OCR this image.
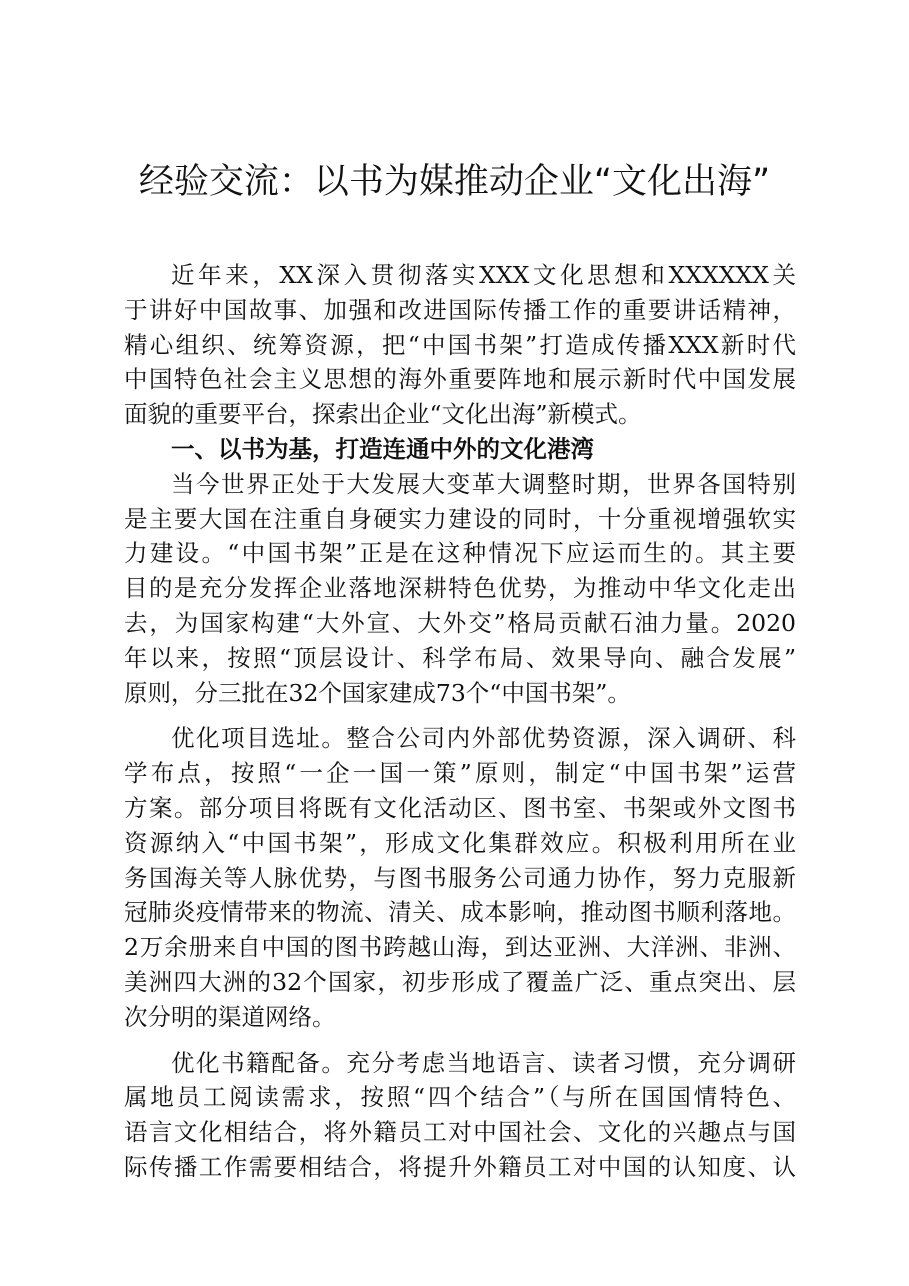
经验交流：以书为媒推动企业“文化出海”
近年来，XX深入贯彻落实XXX文化思想和XXXXXX关
于讲好中国故事、加强和改进国际传播工作的重要讲话精神，
精心组织、统筹资源，把“中国书架”打造成传播XXX新时代
中国特色社会主义思想的海外重要阵地和展示新时代中国发展
面貌的重要平台，探索出企业“文化出海”新模式。
一、以书为基，打造连通中外的文化港湾
当今世界正处于大发展大变革大调整时期，世界各国特别
是主要大国在注重自身硬实力建设的同时，十分重视增强软实
力建设。“中国书架”正是在这种情况下应运而生的。其主要
目的是充分发挥企业落地深耕特色优势，为推动中华文化走出
去，为国家构建“大外宣、大外交”格局贡献石油力量。2020
年以来，按照“顶层设计、科学布局、效果导向、融合发展”
原则，分三批在32个国家建成73个“中国书架”。
优化项目选址。整合公司内外部优势资源，深入调研、科
学布点，按照“一企一国一策”原则，制定“中国书架”运营
方案。部分项目将既有文化活动区、图书室、书架或外文图书
资源纳入“中国书架”，形成文化集群效应。积极利用所在业
务国海关等人脉优势，与图书服务公司通力协作，努力克服新
冠肺炎疫情带来的物流、清关、成本影响，推动图书顺利落地。
2万余册来自中国的图书跨越山海，到达亚洲、大洋洲、非洲、
美洲四大洲的32个国家，初步形成了覆盖广泛、重点突出、层
次分明的渠道网络。
优化书籍配备。充分考虑当地语言、读者习惯，充分调研
属地员工阅读需求，按照“四个结合”（与所在国国情特色、
语言文化相结合，将外籍员工对中国社会、文化的兴趣点与国
际传播工作需要相结合，将提升外籍员工对中国的认知度、认
